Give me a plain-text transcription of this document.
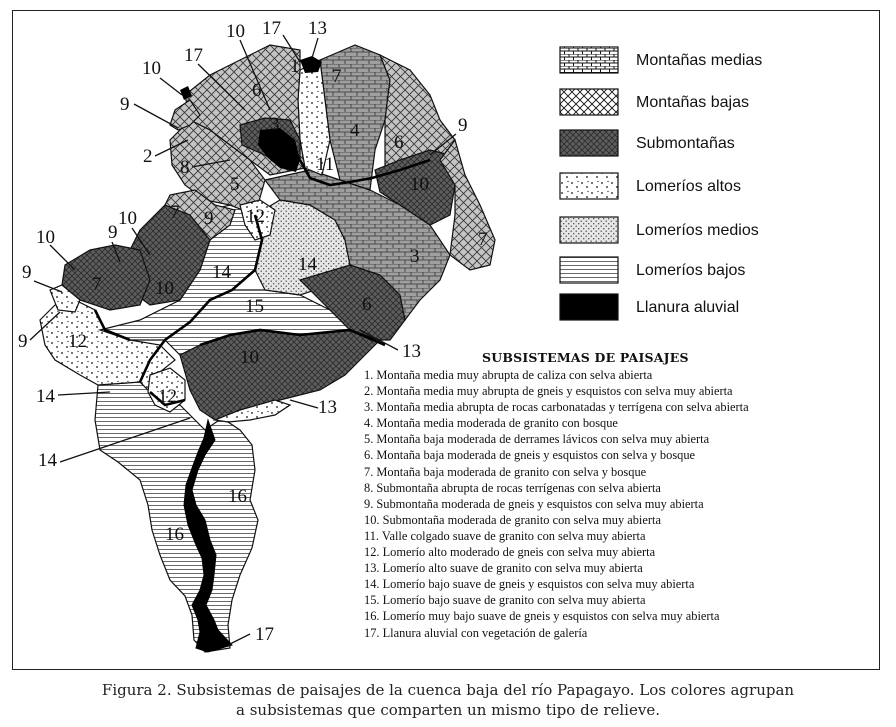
10 17 13
17
1 7
10
6
9
3	4
2
8	11
6
9
10
5
9 12
7
10
9
10	7
3
14	14
9
7	10
15	6
9 12	13
10
14	12
13
14
16
16
17
Montañas medias
Montañas bajas
Submontañas
Lomeríos altos
Lomeríos medios
Lomeríos bajos
Llanura aluvial
SUBSISTEMAS DE PAISAJES
1. Montaña media muy abrupta de caliza con selva abierta
2. Montaña media muy abrupta de gneis y esquistos con selva muy abierta
3. Montaña media abrupta de rocas carbonatadas y terrígena con selva abierta
4. Montaña media moderada de granito con bosque
5. Montaña baja moderada de derrames lávicos con selva muy abierta
6. Montaña baja moderada de gneis y esquistos con selva y bosque
7. Montaña baja moderada de granito con selva y bosque
8. Submontaña abrupta de rocas terrígenas con selva abierta
9. Submontaña moderada de gneis y esquistos con selva muy abierta
10. Submontaña moderada de granito con selva muy abierta
11. Valle colgado suave de granito con selva muy abierta
12. Lomerío alto moderado de gneis con selva muy abierta
13. Lomerío alto suave de granito con selva muy abierta
14. Lomerío bajo suave de gneis y esquistos con selva muy abierta
15. Lomerío bajo suave de granito con selva muy abierta
16. Lomerío muy bajo suave de gneis y esquistos con selva muy abierta
17. Llanura aluvial con vegetación de galería
Figura 2. Subsistemas de paisajes de la cuenca baja del río Papagayo. Los colores agrupan
a subsistemas que comparten un mismo tipo de relieve.
